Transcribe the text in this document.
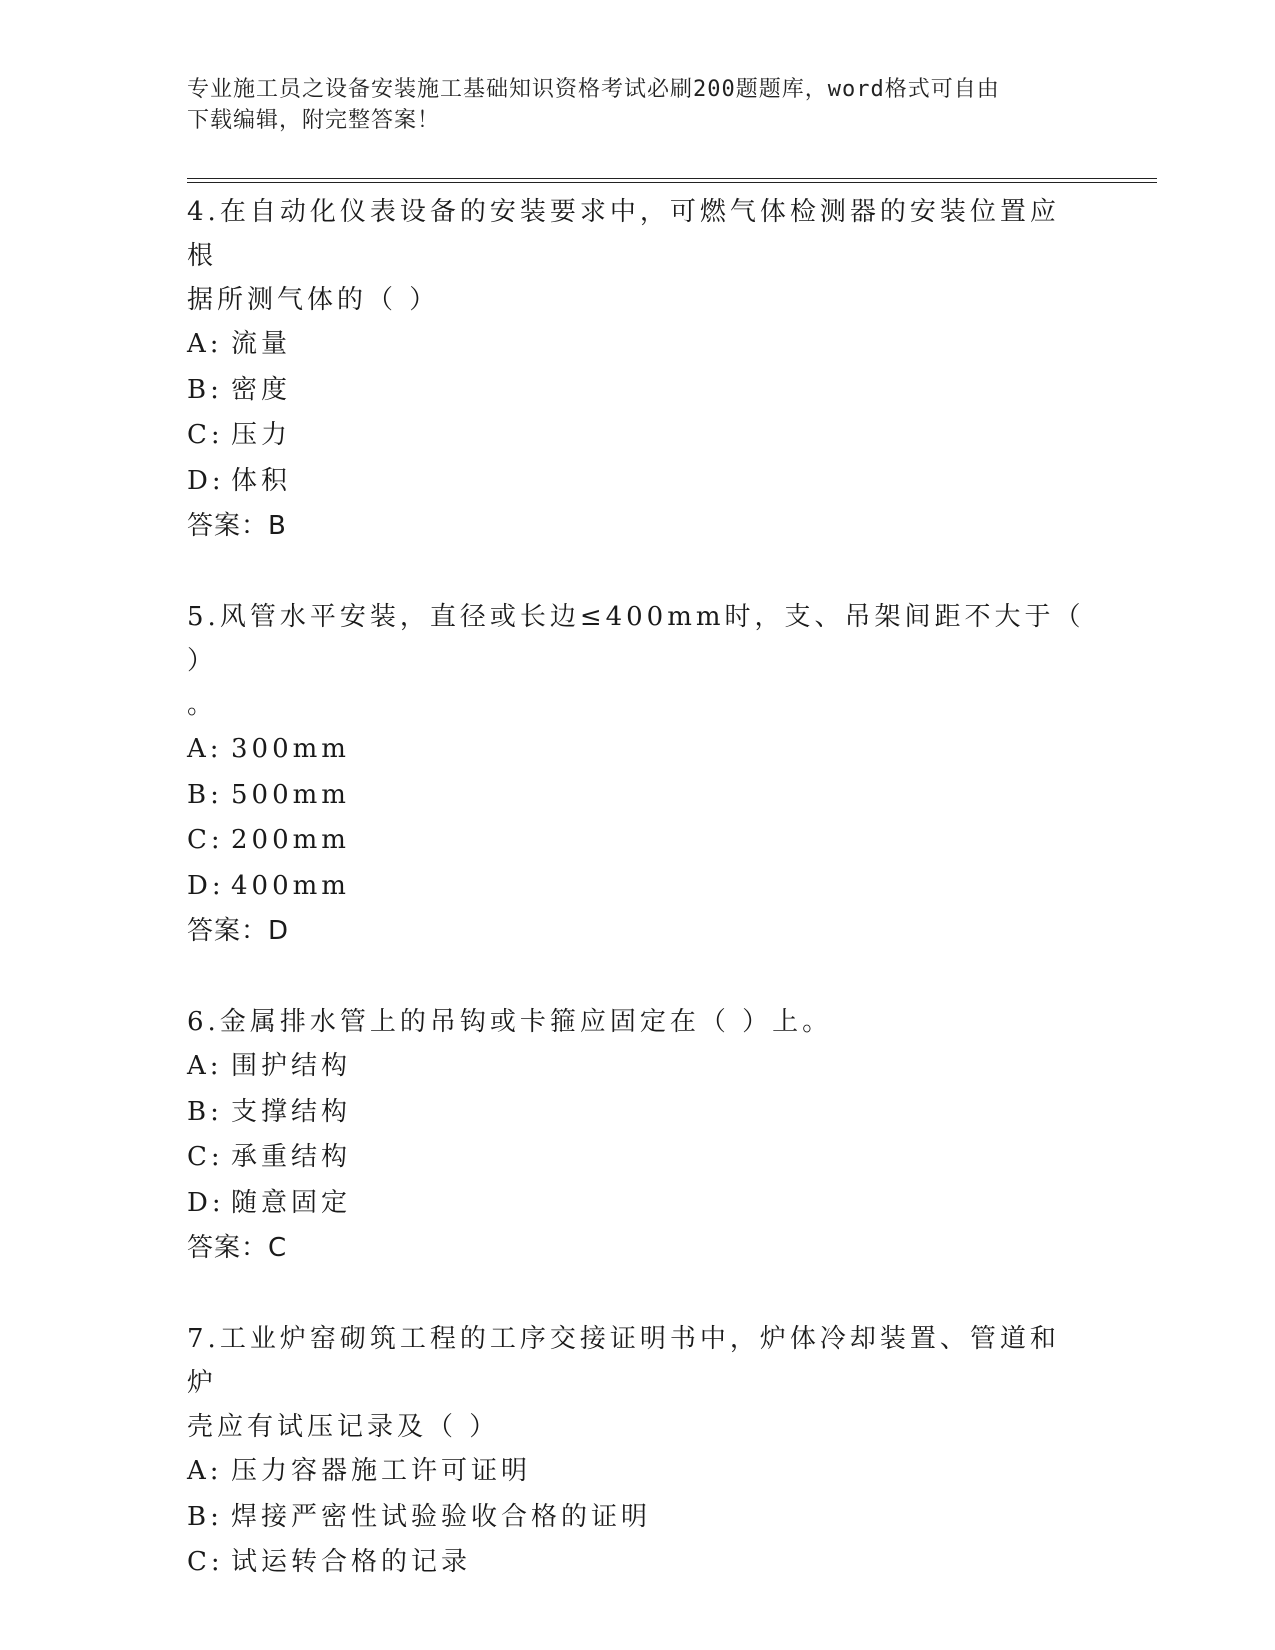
专业施工员之设备安装施工基础知识资格考试必刷200题题库，word格式可自由
下载编辑，附完整答案！
4.在自动化仪表设备的安装要求中，可燃气体检测器的安装位置应根
据所测气体的（ ）
A: 流量
B: 密度
C: 压力
D: 体积
答案：B
5.风管水平安装，直径或长边≤400mm时，支、吊架间距不大于（ ）
。
A: 300mm
B: 500mm
C: 200mm
D: 400mm
答案：D
6.金属排水管上的吊钩或卡箍应固定在（ ）上。
A: 围护结构
B: 支撑结构
C: 承重结构
D: 随意固定
答案：C
7.工业炉窑砌筑工程的工序交接证明书中，炉体冷却装置、管道和炉
壳应有试压记录及（ ）
A: 压力容器施工许可证明
B: 焊接严密性试验验收合格的证明
C: 试运转合格的记录
